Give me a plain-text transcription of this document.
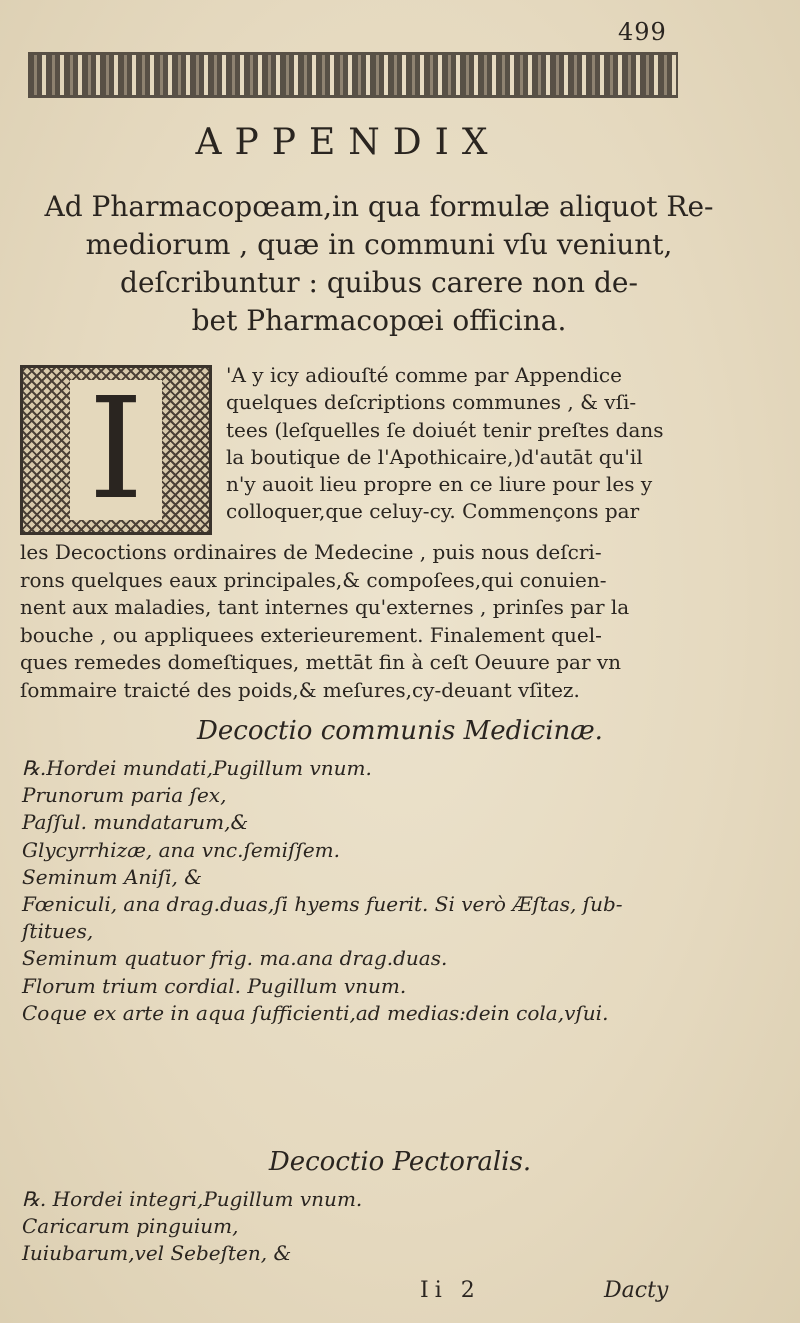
499
APPENDIX
Ad Pharmacopœam,in qua formulæ aliquot Re-
mediorum , quæ in communi vſu veniunt,
deſcribuntur : quibus carere non de-
bet Pharmacopœi officina.
I	'A y icy adiouſté comme par Appendice
quelques deſcriptions communes , & vſi-
tees (leſquelles ſe doiuét tenir preſtes dans
la boutique de l'Apothicaire,)d'autāt qu'il
n'y auoit lieu propre en ce liure pour les y
colloquer,que celuy-cy. Commençons par
les Decoctions ordinaires de Medecine , puis nous deſcri-
rons quelques eaux principales,& compoſees,qui conuien-
nent aux maladies, tant internes qu'externes , prinſes par la
bouche , ou appliquees exterieurement. Finalement quel-
ques remedes domeſtiques, mettāt fin à ceſt Oeuure par vn
ſommaire traicté des poids,& meſures,cy-deuant vſitez.
Decoctio communis Medicinæ.
℞.Hordei mundati,Pugillum vnum.
Prunorum paria ſex,
Paſſul. mundatarum,&
Glycyrrhizæ, ana vnc.ſemiſſem.
Seminum Aniſi, &
Fœniculi, ana drag.duas,ſi hyems fuerit. Si verò Æſtas, ſub-
ſtitues,
Seminum quatuor frig. ma.ana drag.duas.
Florum trium cordial. Pugillum vnum.
Coque ex arte in aqua ſufficienti,ad medias:dein cola,vſui.
Decoctio Pectoralis.
℞. Hordei integri,Pugillum vnum.
Caricarum pinguium,
Iuiubarum,vel Sebeſten, &
Ii 2	Dacty
